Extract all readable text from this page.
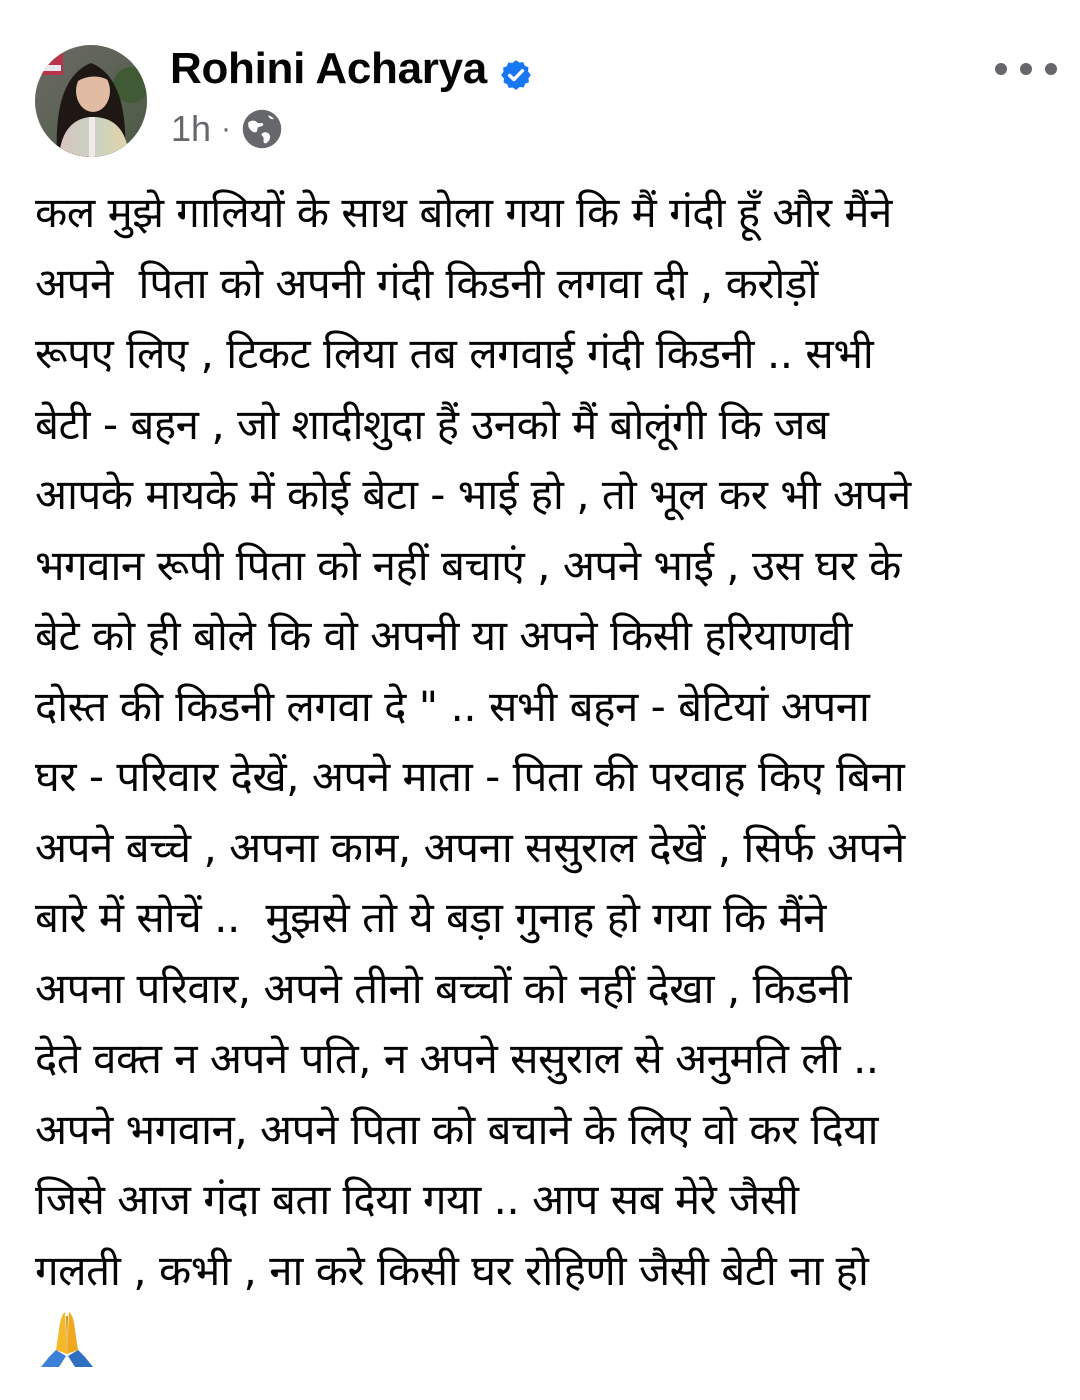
Rohini Acharya
1h ·
कल मुझे गालियों के साथ बोला गया कि मैं गंदी हूँ और मैंने
अपने  पिता को अपनी गंदी किडनी लगवा दी , करोड़ों
रूपए लिए , टिकट लिया तब लगवाई गंदी किडनी .. सभी
बेटी - बहन , जो शादीशुदा हैं उनको मैं बोलूंगी कि जब
आपके मायके में कोई बेटा - भाई हो , तो भूल कर भी अपने
भगवान रूपी पिता को नहीं बचाएं , अपने भाई , उस घर के
बेटे को ही बोले कि वो अपनी या अपने किसी हरियाणवी
दोस्त की किडनी लगवा दे " .. सभी बहन - बेटियां अपना
घर - परिवार देखें, अपने माता - पिता की परवाह किए बिना
अपने बच्चे , अपना काम, अपना ससुराल देखें , सिर्फ अपने
बारे में सोचें ..  मुझसे तो ये बड़ा गुनाह हो गया कि मैंने
अपना परिवार, अपने तीनो बच्चों को नहीं देखा , किडनी
देते वक्त न अपने पति, न अपने ससुराल से अनुमति ली ..
अपने भगवान, अपने पिता को बचाने के लिए वो कर दिया
जिसे आज गंदा बता दिया गया .. आप सब मेरे जैसी
गलती , कभी , ना करे किसी घर रोहिणी जैसी बेटी ना हो
